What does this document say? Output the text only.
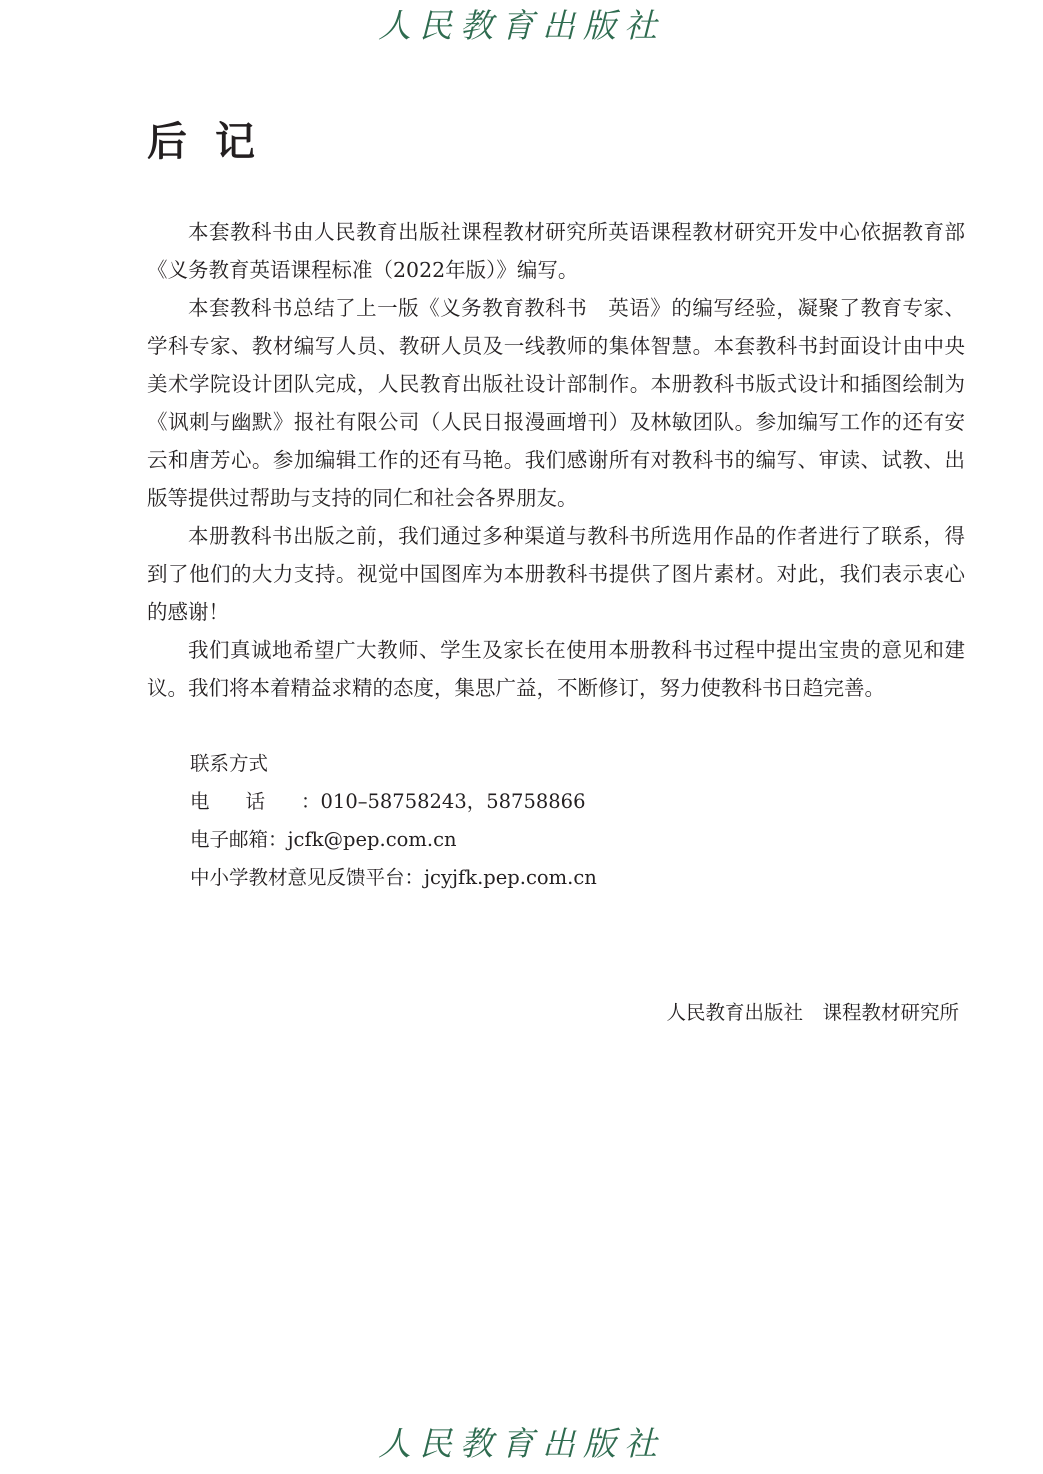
人民教育出版社
后记

本套教科书由人民教育出版社课程教材研究所英语课程教材研究开发中心依据教育部《义务教育英语课程标准（2022年版）》编写。

本套教科书总结了上一版《义务教育教科书　英语》的编写经验，凝聚了教育专家、学科专家、教材编写人员、教研人员及一线教师的集体智慧。本套教科书封面设计由中央美术学院设计团队完成，人民教育出版社设计部制作。本册教科书版式设计和插图绘制为《讽刺与幽默》报社有限公司（人民日报漫画增刊）及林敏团队。参加编写工作的还有安云和唐芳心。参加编辑工作的还有马艳。我们感谢所有对教科书的编写、审读、试教、出版等提供过帮助与支持的同仁和社会各界朋友。

本册教科书出版之前，我们通过多种渠道与教科书所选用作品的作者进行了联系，得到了他们的大力支持。视觉中国图库为本册教科书提供了图片素材。对此，我们表示衷心的感谢！

我们真诚地希望广大教师、学生及家长在使用本册教科书过程中提出宝贵的意见和建议。我们将本着精益求精的态度，集思广益，不断修订，努力使教科书日趋完善。

联系方式
电话：010–58758243，58758866
电子邮箱：jcfk@pep.com.cn
中小学教材意见反馈平台：jcyjfk.pep.com.cn
人民教育出版社　课程教材研究所
人民教育出版社
